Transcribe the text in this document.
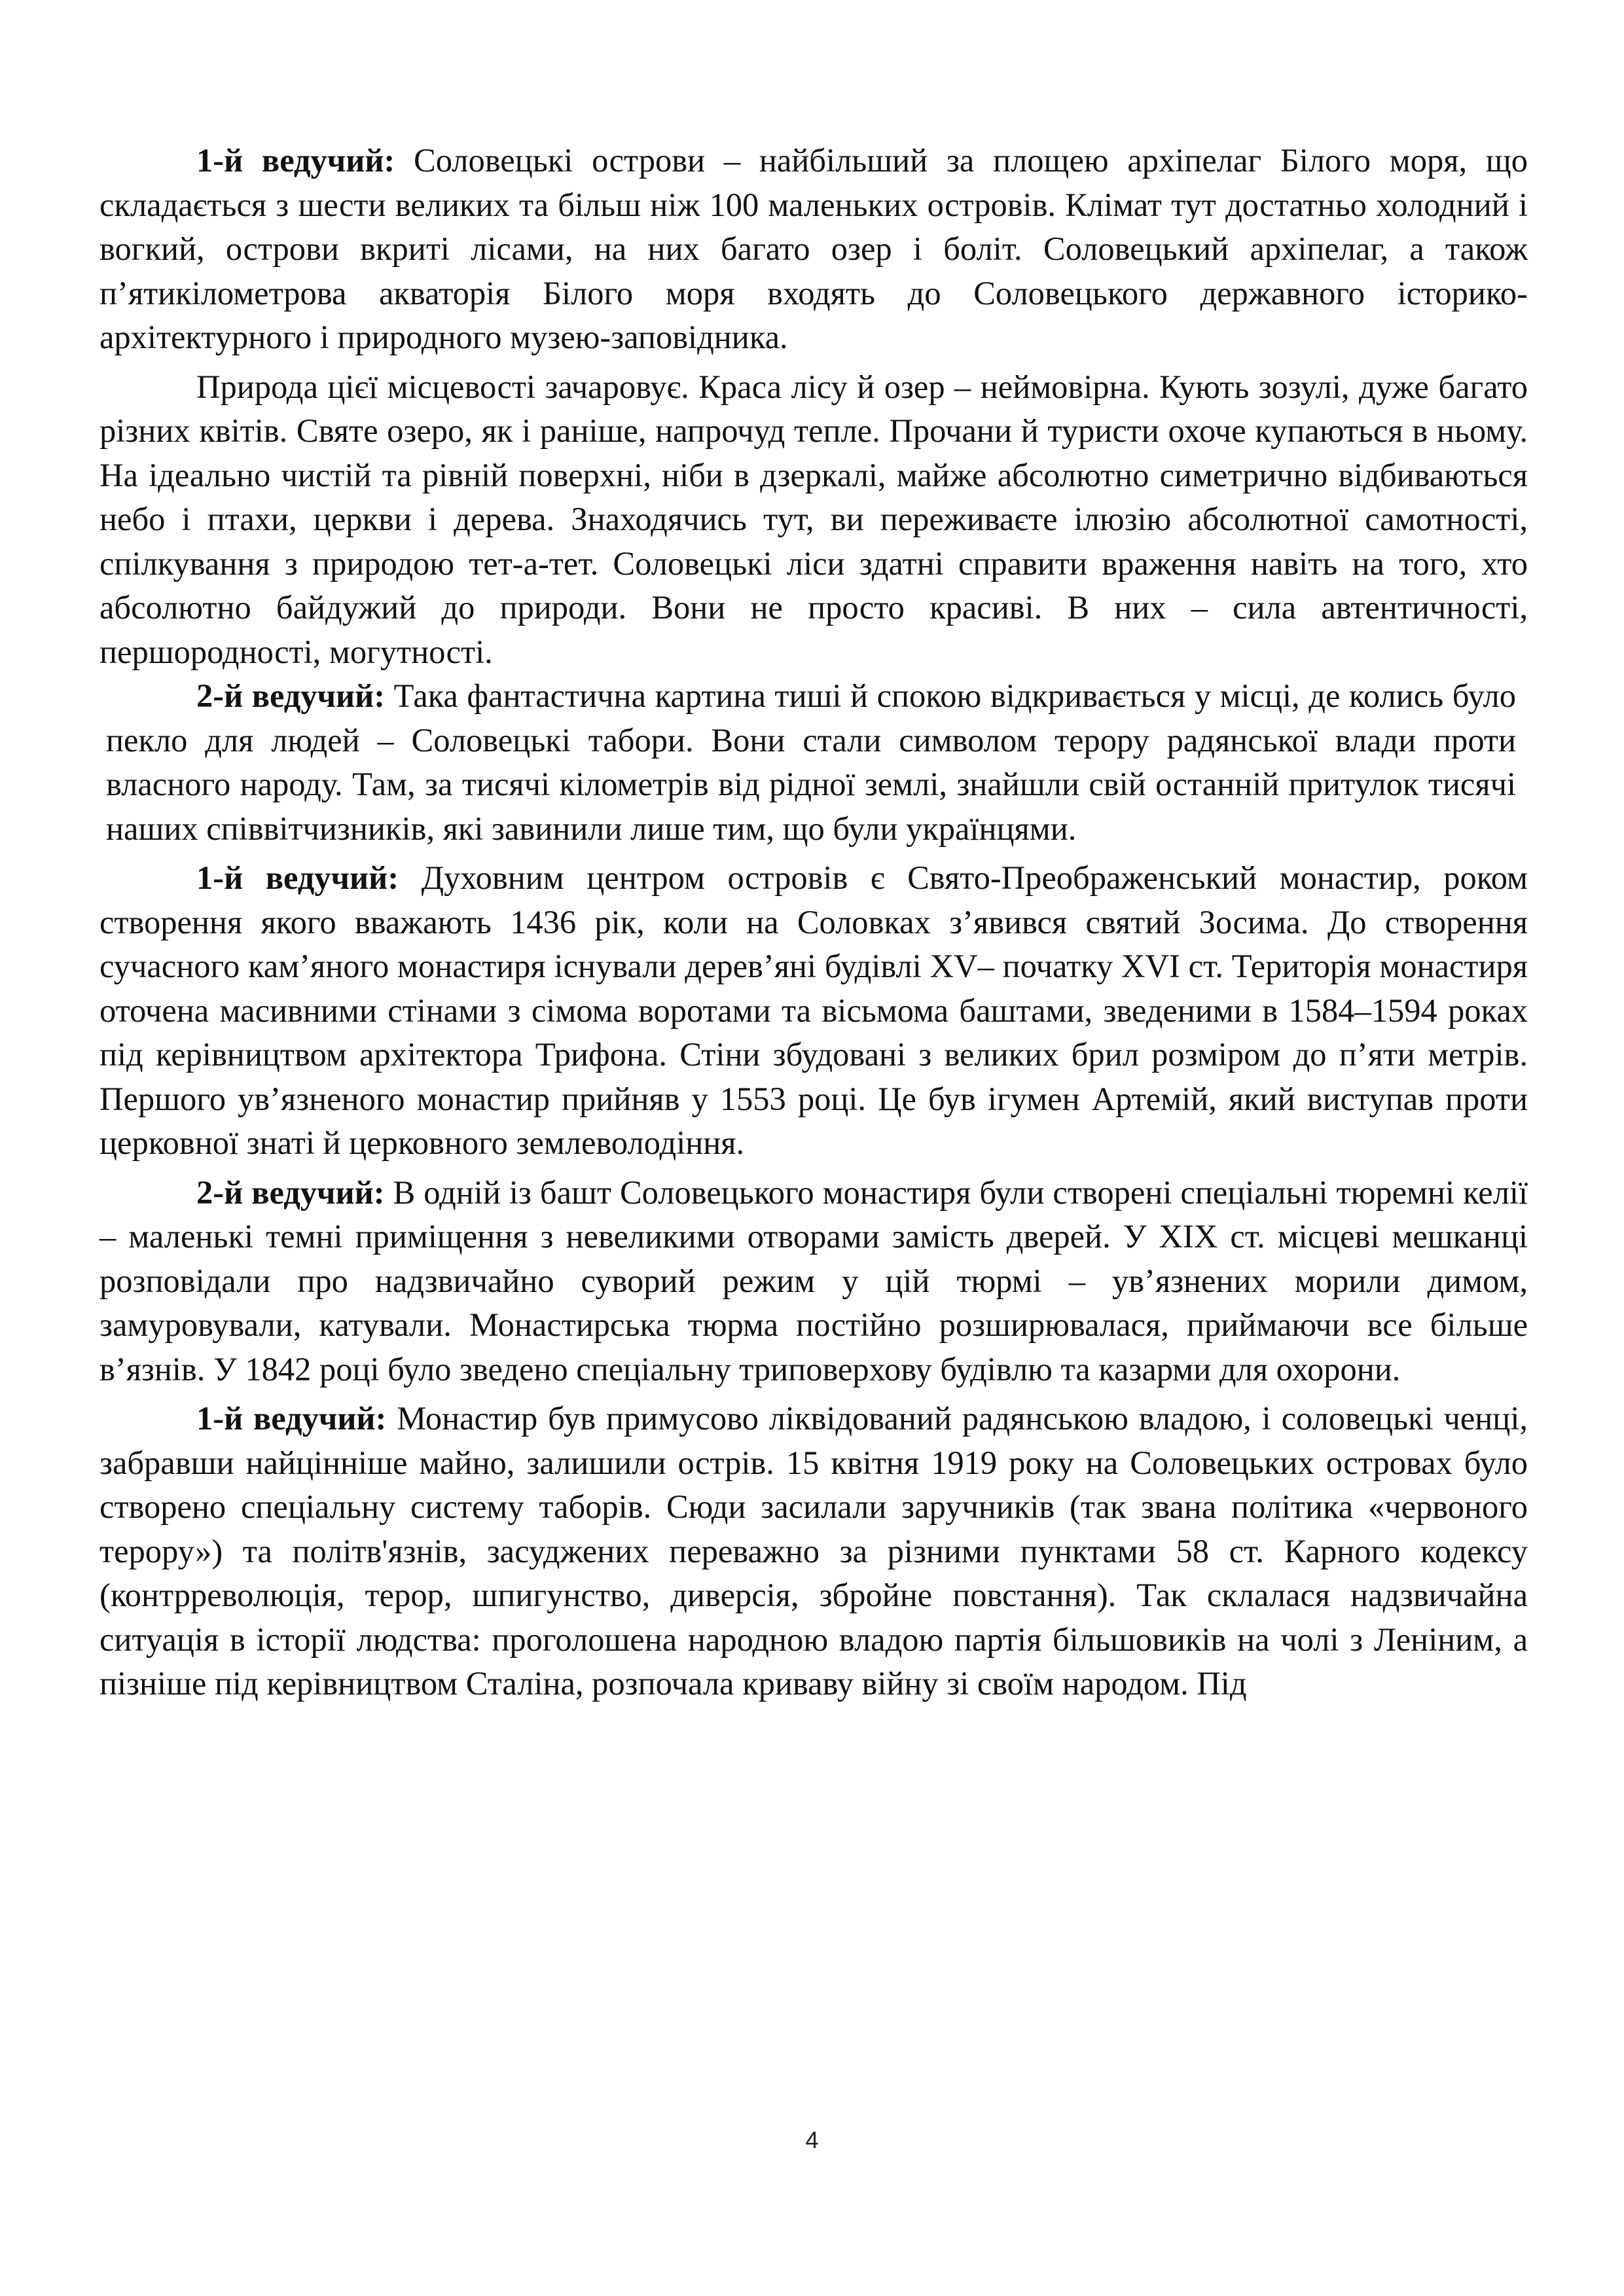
1-й ведучий: Соловецькі острови – найбільший за площею архіпелаг Білого моря, що складається з шести великих та більш ніж 100 маленьких островів. Клімат тут достатньо холодний і вогкий, острови вкриті лісами, на них багато озер і боліт. Соловецький архіпелаг, а також п’ятикілометрова акваторія Білого моря входять до Соловецького державного історико-архітектурного і природного музею-заповідника.

Природа цієї місцевості зачаровує. Краса лісу й озер – неймовірна. Кують зозулі, дуже багато різних квітів. Святе озеро, як і раніше, напрочуд тепле. Прочани й туристи охоче купаються в ньому. На ідеально чистій та рівній поверхні, ніби в дзеркалі, майже абсолютно симетрично відбиваються небо і птахи, церкви і дерева. Знаходячись тут, ви переживаєте ілюзію абсолютної самотності, спілкування з природою тет-а-тет. Соловецькі ліси здатні справити враження навіть на того, хто абсолютно байдужий до природи. Вони не просто красиві. В них – сила автентичності, першородності, могутності.

2-й ведучий: Така фантастична картина тиші й спокою відкривається у місці, де колись було пекло для людей – Соловецькі табори. Вони стали символом терору радянської влади проти власного народу. Там, за тисячі кілометрів від рідної землі, знайшли свій останній притулок тисячі наших співвітчизників, які завинили лише тим, що були українцями.

1-й ведучий: Духовним центром островів є Свято-Преображенський монастир, роком створення якого вважають 1436 рік, коли на Соловках з’явився святий Зосима. До створення сучасного кам’яного монастиря існували дерев’яні будівлі XV– початку XVI ст. Територія монастиря оточена масивними стінами з сімома воротами та вісьмома баштами, зведеними в 1584–1594 роках під керівництвом архітектора Трифона. Стіни збудовані з великих брил розміром до п’яти метрів. Першого ув’язненого монастир прийняв у 1553 році. Це був ігумен Артемій, який виступав проти церковної знаті й церковного землеволодіння.

2-й ведучий: В одній із башт Соловецького монастиря були створені спеціальні тюремні келії – маленькі темні приміщення з невеликими отворами замість дверей. У XIX ст. місцеві мешканці розповідали про надзвичайно суворий режим у цій тюрмі – ув’язнених морили димом, замуровували, катували. Монастирська тюрма постійно розширювалася, приймаючи все більше в’язнів. У 1842 році було зведено спеціальну триповерхову будівлю та казарми для охорони.

1-й ведучий: Монастир був примусово ліквідований радянською владою, і соловецькі ченці, забравши найцінніше майно, залишили острів. 15 квітня 1919 року на Соловецьких островах було створено спеціальну систему таборів. Сюди засилали заручників (так звана політика «червоного терору») та політв'язнів, засуджених переважно за різними пунктами 58 ст. Карного кодексу (контрреволюція, терор, шпигунство, диверсія, збройне повстання). Так склалася надзвичайна ситуація в історії людства: проголошена народною владою партія більшовиків на чолі з Леніним, а пізніше під керівництвом Сталіна, розпочала криваву війну зі своїм народом. Під

4
